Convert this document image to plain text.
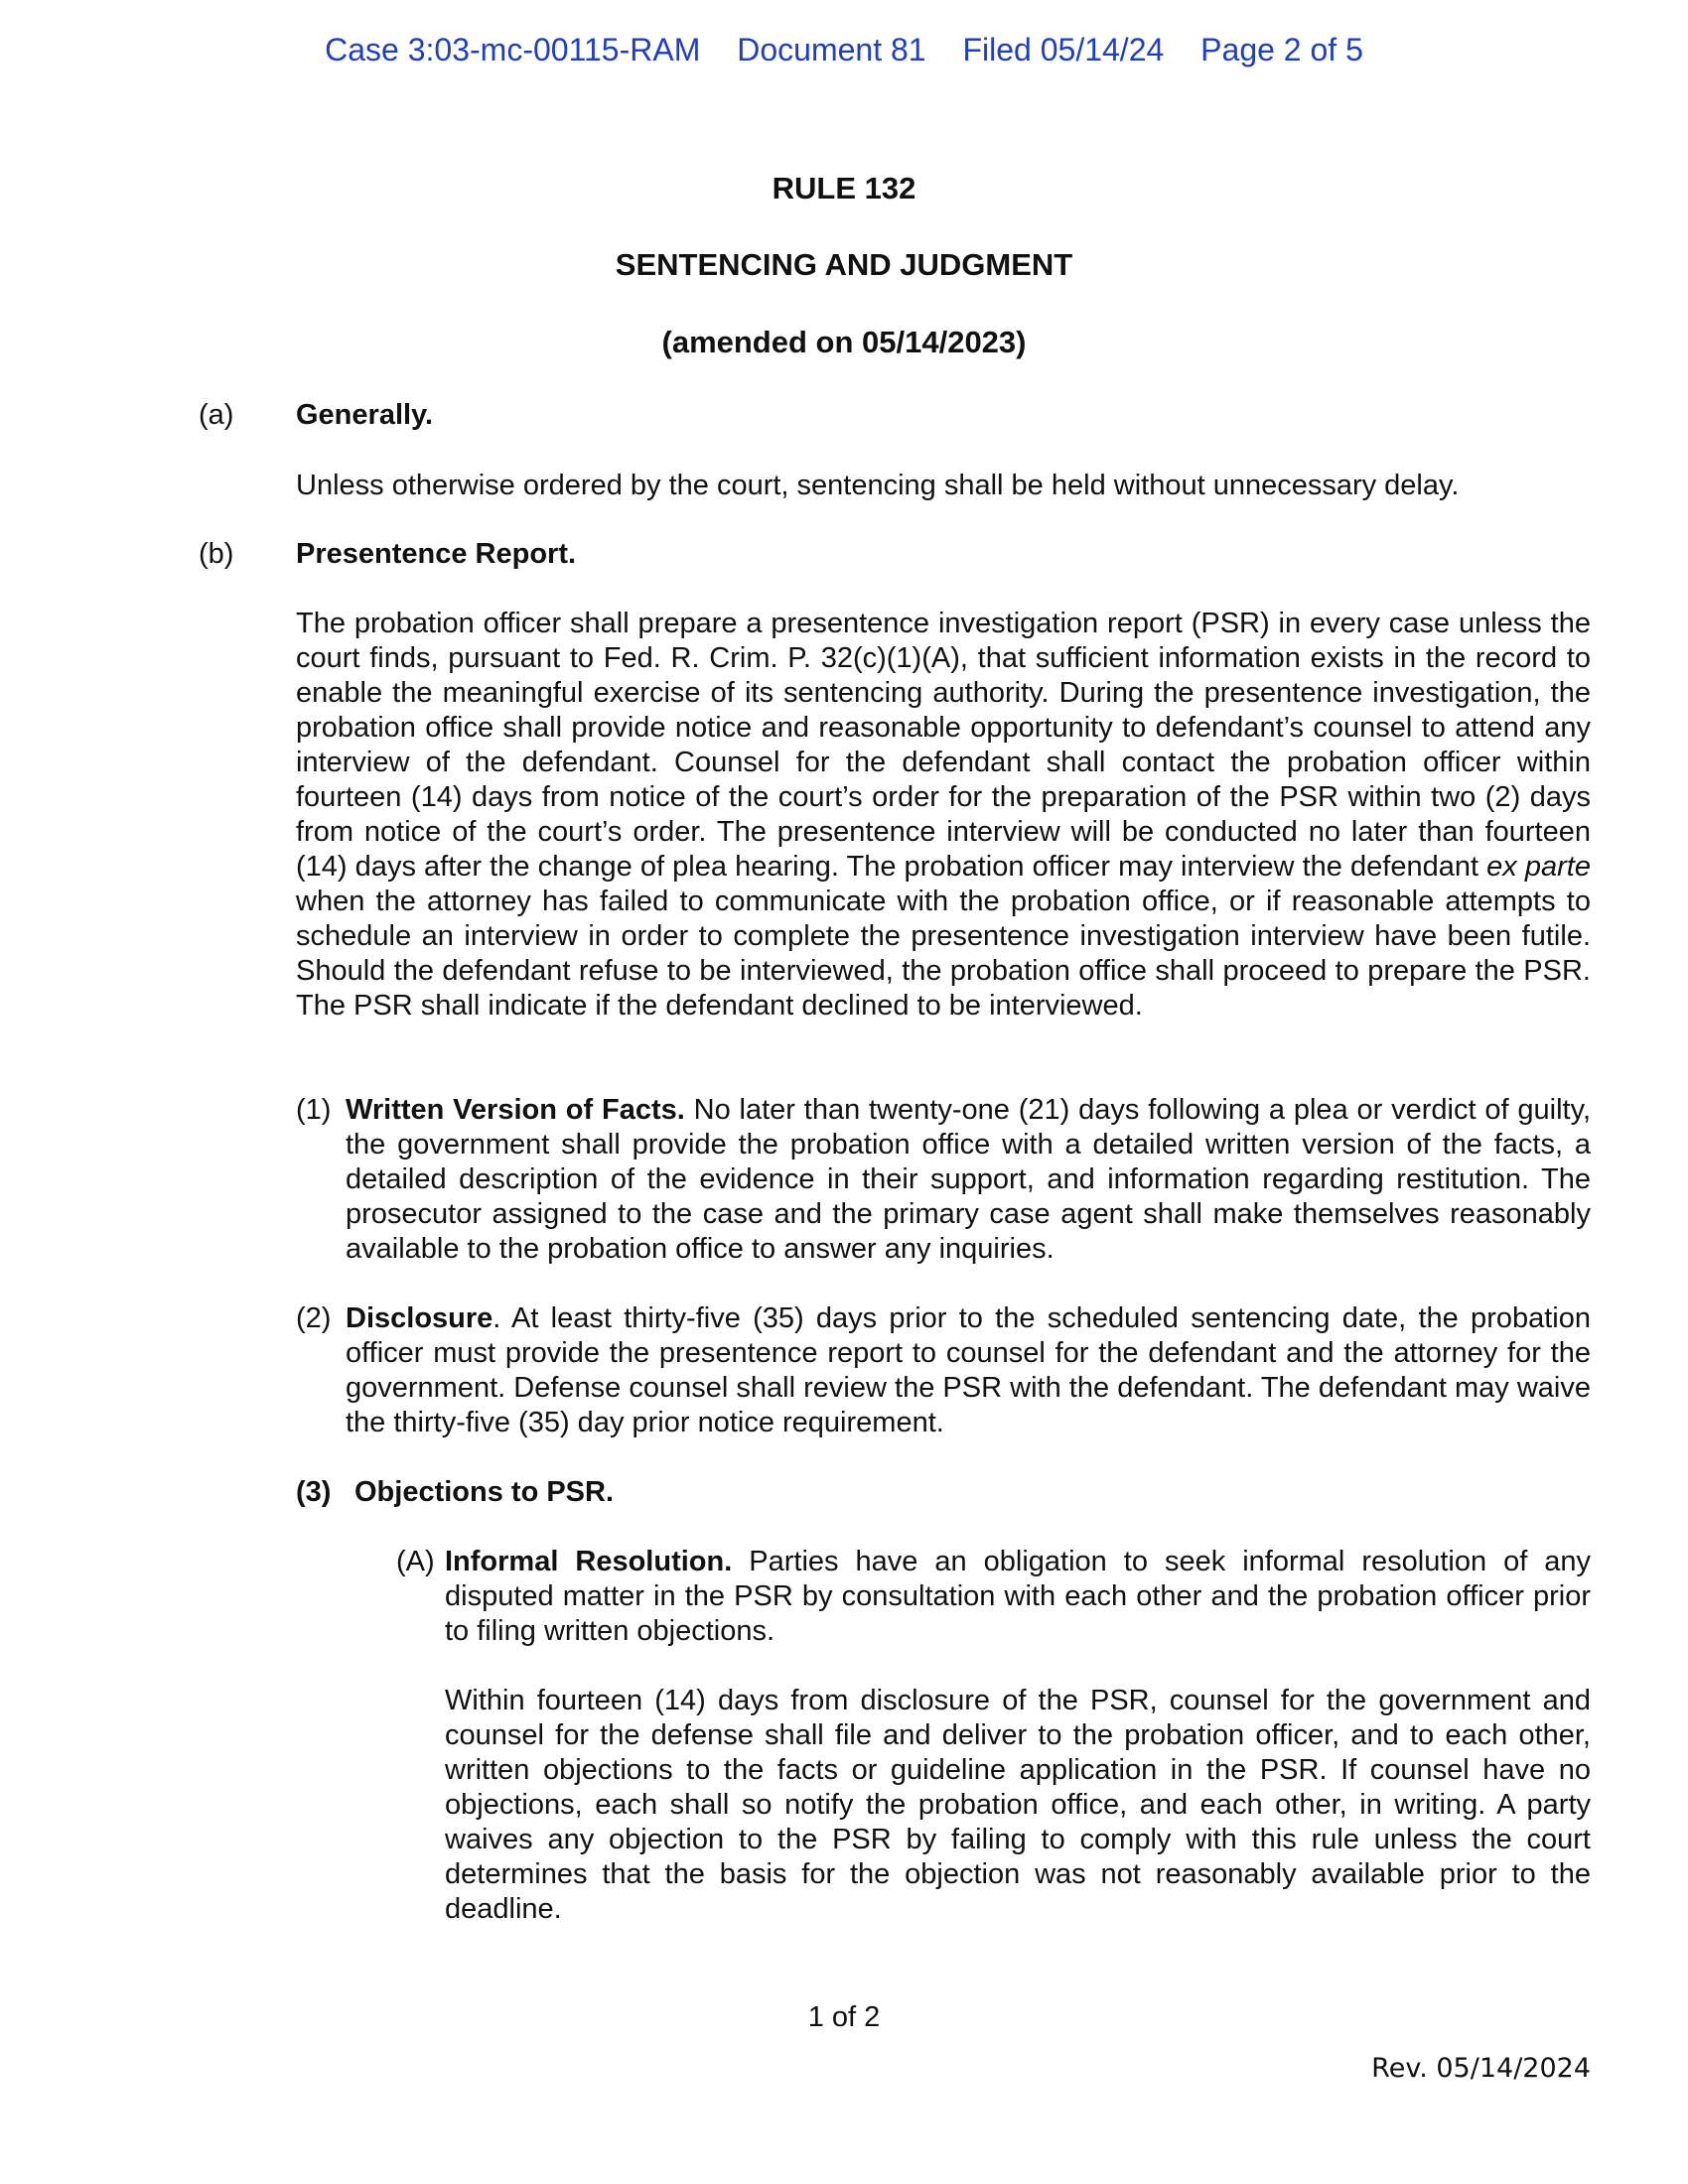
Case 3:03-mc-00115-RAM Document 81 Filed 05/14/24 Page 2 of 5
RULE 132
SENTENCING AND JUDGMENT
(amended on 05/14/2023)
(a) Generally.
Unless otherwise ordered by the court, sentencing shall be held without unnecessary delay.
(b) Presentence Report.
The probation officer shall prepare a presentence investigation report (PSR) in every case unless the court finds, pursuant to Fed. R. Crim. P. 32(c)(1)(A), that sufficient information exists in the record to enable the meaningful exercise of its sentencing authority. During the presentence investigation, the probation office shall provide notice and reasonable opportunity to defendant’s counsel to attend any interview of the defendant. Counsel for the defendant shall contact the probation officer within fourteen (14) days from notice of the court’s order for the preparation of the PSR within two (2) days from notice of the court’s order. The presentence interview will be conducted no later than fourteen (14) days after the change of plea hearing. The probation officer may interview the defendant ex parte when the attorney has failed to communicate with the probation office, or if reasonable attempts to schedule an interview in order to complete the presentence investigation interview have been futile. Should the defendant refuse to be interviewed, the probation office shall proceed to prepare the PSR. The PSR shall indicate if the defendant declined to be interviewed.
(1) Written Version of Facts. No later than twenty-one (21) days following a plea or verdict of guilty, the government shall provide the probation office with a detailed written version of the facts, a detailed description of the evidence in their support, and information regarding restitution. The prosecutor assigned to the case and the primary case agent shall make themselves reasonably available to the probation office to answer any inquiries.
(2) Disclosure. At least thirty-five (35) days prior to the scheduled sentencing date, the probation officer must provide the presentence report to counsel for the defendant and the attorney for the government. Defense counsel shall review the PSR with the defendant. The defendant may waive the thirty-five (35) day prior notice requirement.
(3) Objections to PSR.
(A) Informal Resolution. Parties have an obligation to seek informal resolution of any disputed matter in the PSR by consultation with each other and the probation officer prior to filing written objections.
Within fourteen (14) days from disclosure of the PSR, counsel for the government and counsel for the defense shall file and deliver to the probation officer, and to each other, written objections to the facts or guideline application in the PSR. If counsel have no objections, each shall so notify the probation office, and each other, in writing. A party waives any objection to the PSR by failing to comply with this rule unless the court determines that the basis for the objection was not reasonably available prior to the deadline.
1 of 2
Rev. 05/14/2024
